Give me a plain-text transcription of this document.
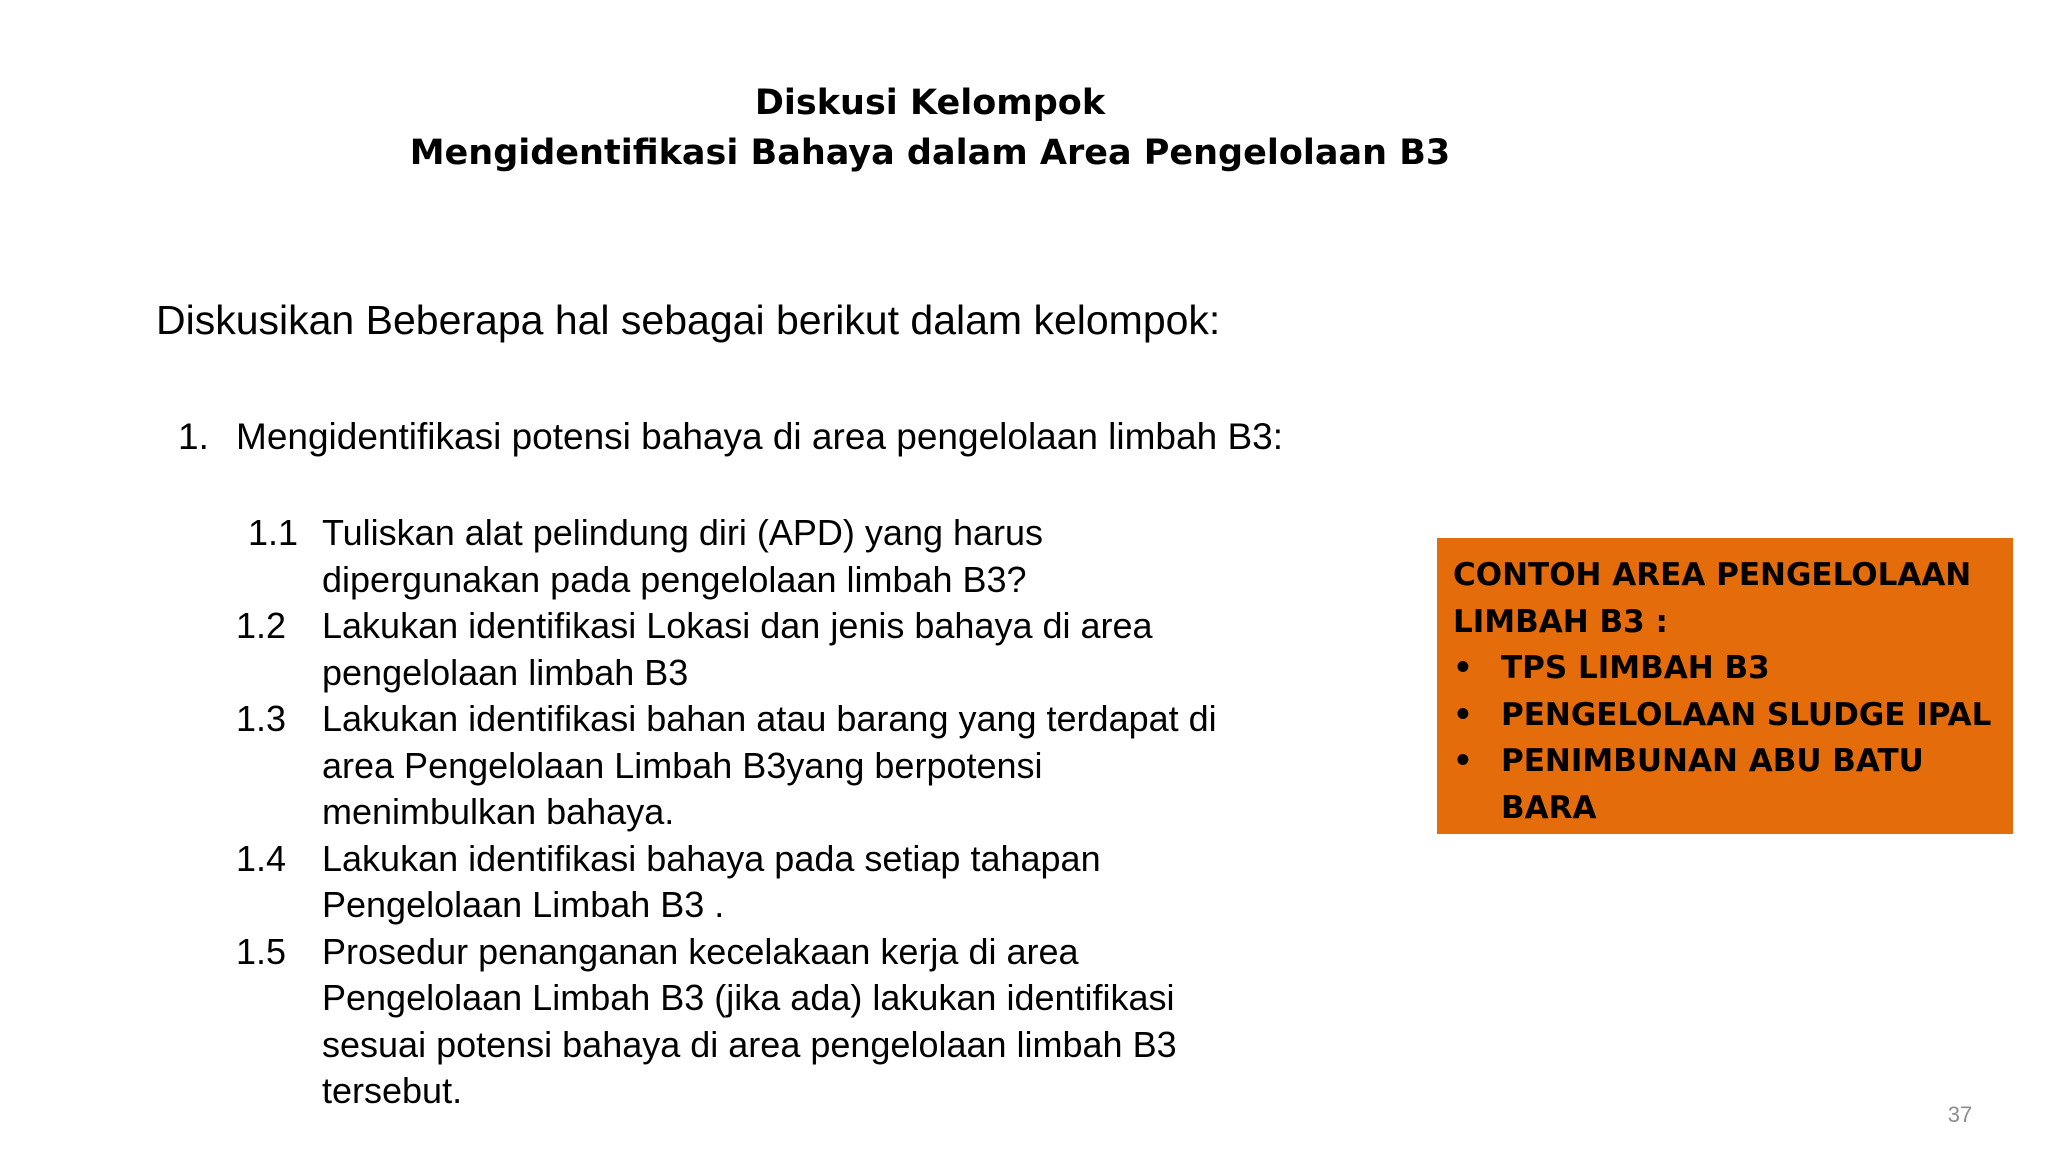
Diskusi Kelompok
Mengidentifikasi Bahaya dalam Area Pengelolaan B3
Diskusikan Beberapa hal sebagai berikut dalam kelompok:
1. Mengidentifikasi potensi bahaya di area pengelolaan limbah B3:
1.1 Tuliskan alat pelindung diri (APD) yang harus
dipergunakan pada pengelolaan limbah B3?
1.2 Lakukan identifikasi Lokasi dan jenis bahaya di area
pengelolaan limbah B3
1.3 Lakukan identifikasi bahan atau barang yang terdapat di
area Pengelolaan Limbah B3yang berpotensi
menimbulkan bahaya.
1.4 Lakukan identifikasi bahaya pada setiap tahapan
Pengelolaan Limbah B3 .
1.5 Prosedur penanganan kecelakaan kerja di area
Pengelolaan Limbah B3 (jika ada) lakukan identifikasi
sesuai potensi bahaya di area pengelolaan limbah B3
tersebut.
CONTOH AREA PENGELOLAAN
LIMBAH B3 :
• TPS LIMBAH B3
• PENGELOLAAN SLUDGE IPAL
• PENIMBUNAN ABU BATU
BARA
37
